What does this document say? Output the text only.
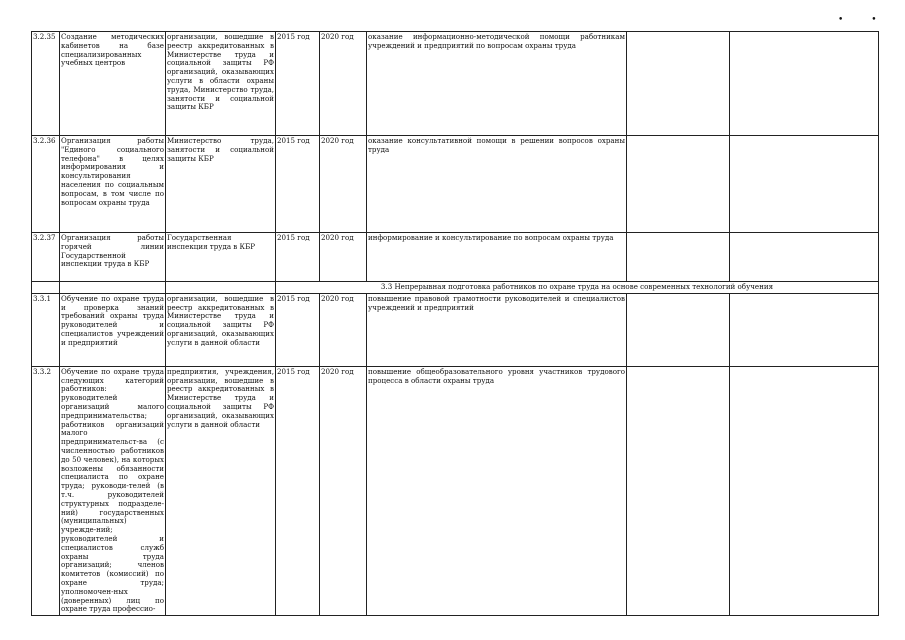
••
3.2.35	Создание методических кабинетов на базе специализированных учебных центров	организации, вошедшие в реестр аккредитованных в Министерстве труда и социальной защиты РФ организаций, оказывающих услуги в области охраны труда, Министерство труда, занятости и социальной защиты КБР	2015 год	2020 год	оказание информационно-методической помощи работникам учреждений и предприятий по вопросам охраны труда		
3.2.36	Организация работы "Единого социального телефона" в целях информирования и консультирования населения по социальным вопросам, в том числе по вопросам охраны труда	Министерство труда, занятости и социальной защиты КБР	2015 год	2020 год	оказание консультативной помощи в решении вопросов охраны труда		
3.2.37	Организация работы горячей линии Государственной инспекции труда в КБР	Государственная инспекция труда в КБР	2015 год	2020 год	информирование и консультирование по вопросам охраны труда		
			3.3 Непрерывная подготовка работников по охране труда на основе современных технологий обучения				
3.3.1	Обучение по охране труда и проверка знаний требований охраны труда руководителей и специалистов учреждений и предприятий	организации, вошедшие в реестр аккредитованных в Министерстве труда и социальной защиты РФ организаций, оказывающих услуги в данной области	2015 год	2020 год	повышение правовой грамотности руководителей и специалистов учреждений и предприятий		
3.3.2	Обучение по охране труда следующих категорий работников: руководителей организаций малого предпринимательства; работников организаций малого предпринимательст-ва (с численностью работников до 50 человек), на которых возложены обязанности специалиста по охране труда; руководи-телей (в т.ч. руководителей структурных подразделе-ний) государственных (муниципальных) учрежде-ний; руководителей и специалистов служб охраны труда организаций; членов комитетов (комиссий) по охране труда; уполномочен-ных (доверенных) лиц по охране труда профессио-	предприятия, учреждения, организации, вошедшие в реестр аккредитованных в Министерстве труда и социальной защиты РФ организаций, оказывающих услуги в данной области	2015 год	2020 год	повышение общеобразовательного уровня участников трудового процесса в области охраны труда		
